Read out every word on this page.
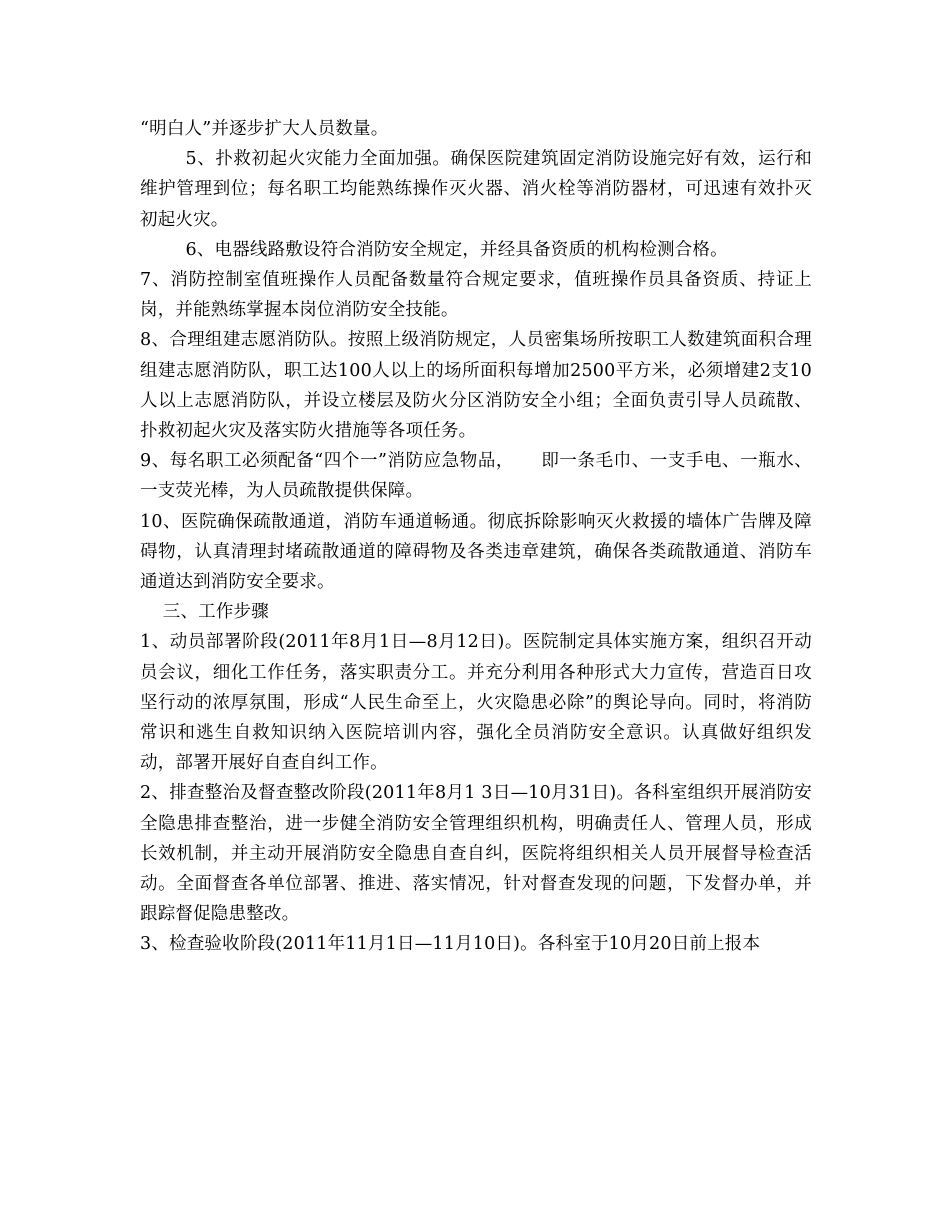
“明白人”并逐步扩大人员数量。

5、扑救初起火灾能力全面加强。确保医院建筑固定消防设施完好有效，运行和维护管理到位；每名职工均能熟练操作灭火器、消火栓等消防器材，可迅速有效扑灭初起火灾。

6、电器线路敷设符合消防安全规定，并经具备资质的机构检测合格。

7、消防控制室值班操作人员配备数量符合规定要求，值班操作员具备资质、持证上岗，并能熟练掌握本岗位消防安全技能。

8、合理组建志愿消防队。按照上级消防规定，人员密集场所按职工人数建筑面积合理组建志愿消防队，职工达100人以上的场所面积每增加2500平方米，必须增建2支10人以上志愿消防队，并设立楼层及防火分区消防安全小组；全面负责引导人员疏散、扑救初起火灾及落实防火措施等各项任务。

9、每名职工必须配备“四个一”消防应急物品，　　即一条毛巾、一支手电、一瓶水、一支荧光棒，为人员疏散提供保障。

10、医院确保疏散通道，消防车通道畅通。彻底拆除影响灭火救援的墙体广告牌及障碍物，认真清理封堵疏散通道的障碍物及各类违章建筑，确保各类疏散通道、消防车通道达到消防安全要求。

三、工作步骤

1、动员部署阶段(2011年8月1日—8月12日)。医院制定具体实施方案，组织召开动员会议，细化工作任务，落实职责分工。并充分利用各种形式大力宣传，营造百日攻坚行动的浓厚氛围，形成“人民生命至上，火灾隐患必除”的舆论导向。同时，将消防常识和逃生自救知识纳入医院培训内容，强化全员消防安全意识。认真做好组织发动，部署开展好自查自纠工作。

2、排查整治及督查整改阶段(2011年8月1 3日—10月31日)。各科室组织开展消防安全隐患排查整治，进一步健全消防安全管理组织机构，明确责任人、管理人员，形成长效机制，并主动开展消防安全隐患自查自纠，医院将组织相关人员开展督导检查活动。全面督查各单位部署、推进、落实情况，针对督查发现的问题，下发督办单，并跟踪督促隐患整改。

3、检查验收阶段(2011年11月1日—11月10日)。各科室于10月20日前上报本
